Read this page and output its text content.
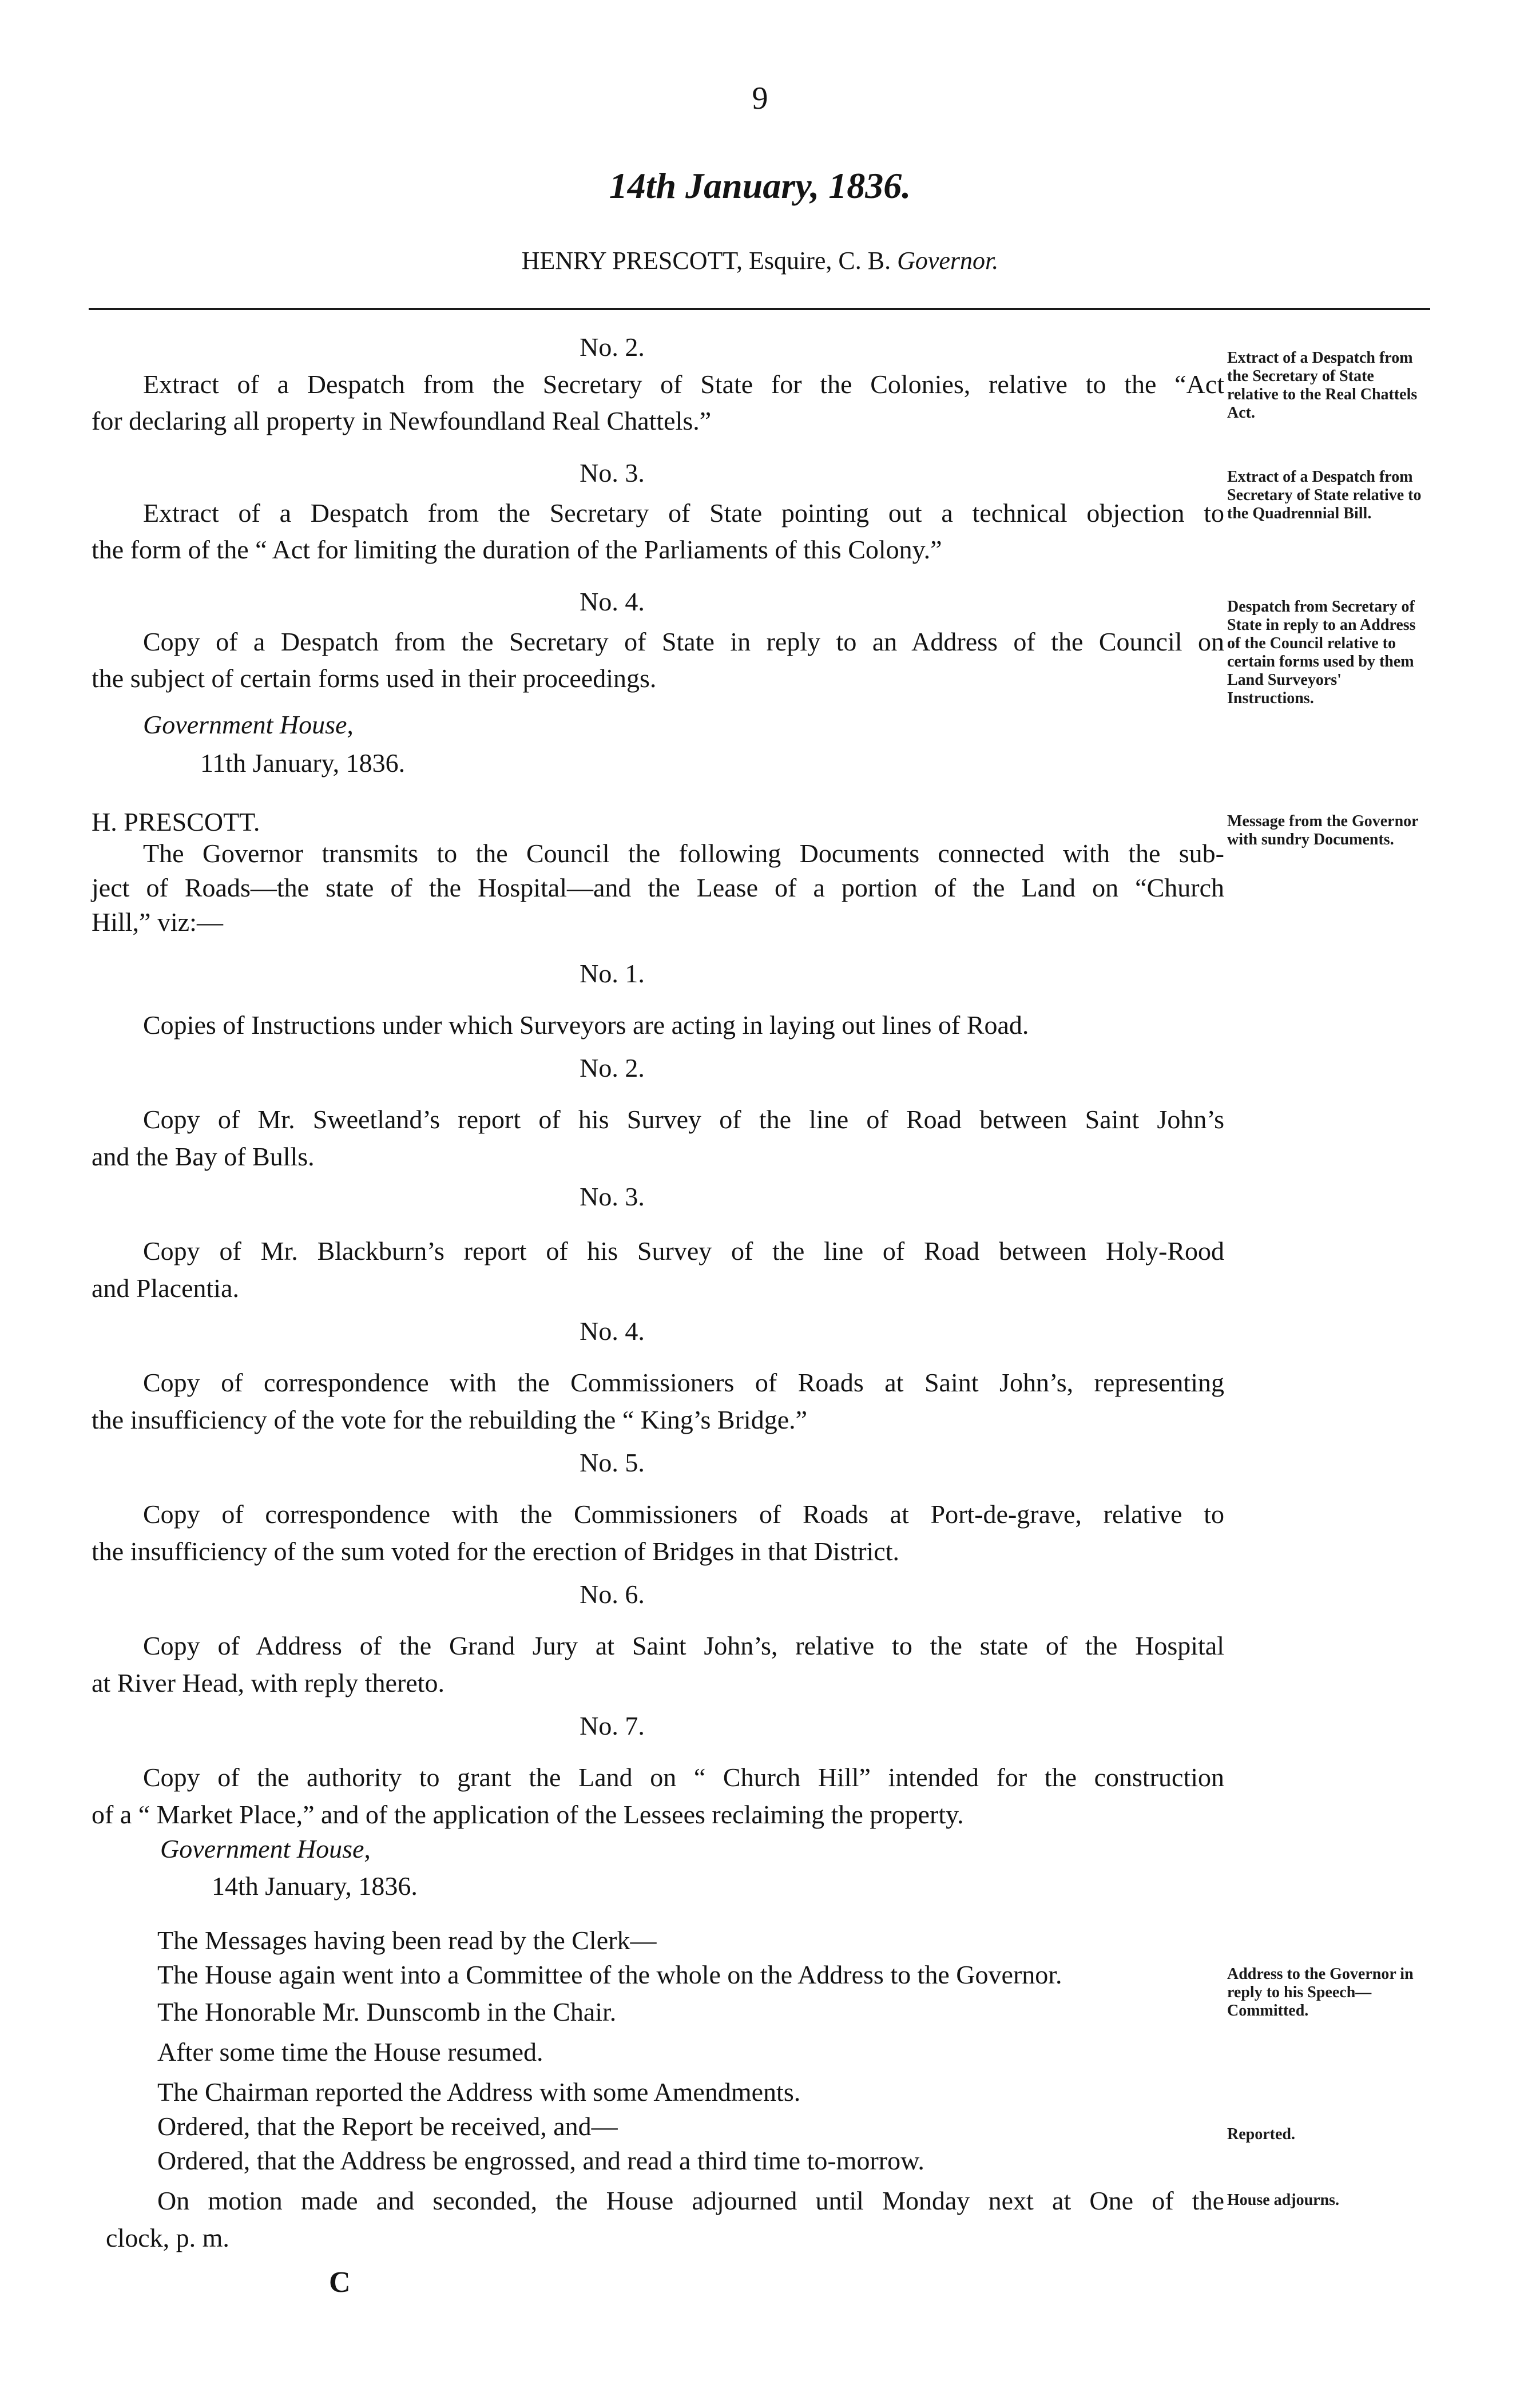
9
14th January, 1836.
HENRY PRESCOTT, Esquire, C. B. Governor.
No. 2.
Extract of a Despatch from the Secretary of State for the Colonies, relative to the “Act
for declaring all property in Newfoundland Real Chattels.”
Extract of a Despatch from the Secretary of State relative to the Real Chattels Act.
No. 3.
Extract of a Despatch from the Secretary of State pointing out a technical objection to
the form of the “ Act for limiting the duration of the Parliaments of this Colony.”
Extract of a Despatch from Secretary of State relative to the Quadrennial Bill.
No. 4.
Copy of a Despatch from the Secretary of State in reply to an Address of the Council on
the subject of certain forms used in their proceedings.
Despatch from Secretary of State in reply to an Address of the Council relative to certain forms used by them Land Surveyors' Instructions.
Government House,
11th January, 1836.
H. PRESCOTT.
The Governor transmits to the Council the following Documents connected with the sub-
ject of Roads—the state of the Hospital—and the Lease of a portion of the Land on “Church
Hill,” viz:—
Message from the Governor with sundry Documents.
No. 1.
Copies of Instructions under which Surveyors are acting in laying out lines of Road.
No. 2.
Copy of Mr. Sweetland’s report of his Survey of the line of Road between Saint John’s
and the Bay of Bulls.
No. 3.
Copy of Mr. Blackburn’s report of his Survey of the line of Road between Holy-Rood
and Placentia.
No. 4.
Copy of correspondence with the Commissioners of Roads at Saint John’s, representing
the insufficiency of the vote for the rebuilding the “ King’s Bridge.”
No. 5.
Copy of correspondence with the Commissioners of Roads at Port-de-grave, relative to
the insufficiency of the sum voted for the erection of Bridges in that District.
No. 6.
Copy of Address of the Grand Jury at Saint John’s, relative to the state of the Hospital
at River Head, with reply thereto.
No. 7.
Copy of the authority to grant the Land on “ Church Hill” intended for the construction
of a “ Market Place,” and of the application of the Lessees reclaiming the property.
Government House,
14th January, 1836.
The Messages having been read by the Clerk—
The House again went into a Committee of the whole on the Address to the Governor.
The Honorable Mr. Dunscomb in the Chair.
After some time the House resumed.
The Chairman reported the Address with some Amendments.
Ordered, that the Report be received, and—
Ordered, that the Address be engrossed, and read a third time to-morrow.
On motion made and seconded, the House adjourned until Monday next at One of the
clock, p. m.
Address to the Governor in reply to his Speech— Committed.
Reported.
House adjourns.
C
